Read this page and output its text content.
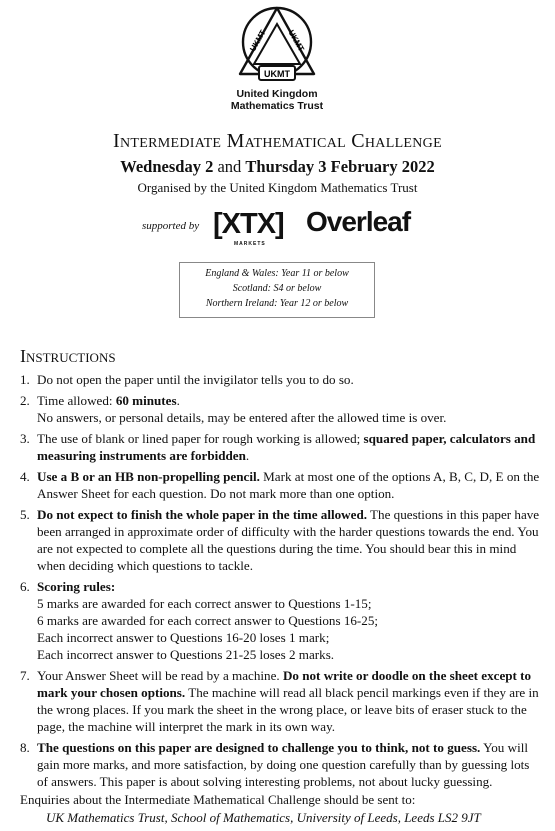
UKMT UKMT
UKMT
United Kingdom
Mathematics Trust
Intermediate Mathematical Challenge
Wednesday 2 and Thursday 3 February 2022
Organised by the United Kingdom Mathematics Trust
supported by [XTX]
MARKETS
Overleaf
England & Wales: Year 11 or below
Scotland: S4 or below
Northern Ireland: Year 12 or below
Instructions
1. Do not open the paper until the invigilator tells you to do so.
2. Time allowed: 60 minutes.
No answers, or personal details, may be entered after the allowed time is over.
3. The use of blank or lined paper for rough working is allowed; squared paper, calculators and measuring instruments are forbidden.
4. Use a B or an HB non-propelling pencil. Mark at most one of the options A, B, C, D, E on the Answer Sheet for each question. Do not mark more than one option.
5. Do not expect to finish the whole paper in the time allowed. The questions in this paper have been arranged in approximate order of difficulty with the harder questions towards the end. You are not expected to complete all the questions during the time. You should bear this in mind when deciding which questions to tackle.
6. Scoring rules:
5 marks are awarded for each correct answer to Questions 1-15;
6 marks are awarded for each correct answer to Questions 16-25;
Each incorrect answer to Questions 16-20 loses 1 mark;
Each incorrect answer to Questions 21-25 loses 2 marks.
7. Your Answer Sheet will be read by a machine. Do not write or doodle on the sheet except to mark your chosen options. The machine will read all black pencil markings even if they are in the wrong places. If you mark the sheet in the wrong place, or leave bits of eraser stuck to the page, the machine will interpret the mark in its own way.
8. The questions on this paper are designed to challenge you to think, not to guess. You will gain more marks, and more satisfaction, by doing one question carefully than by guessing lots of answers. This paper is about solving interesting problems, not about lucky guessing.
Enquiries about the Intermediate Mathematical Challenge should be sent to:
UK Mathematics Trust, School of Mathematics, University of Leeds, Leeds LS2 9JT
